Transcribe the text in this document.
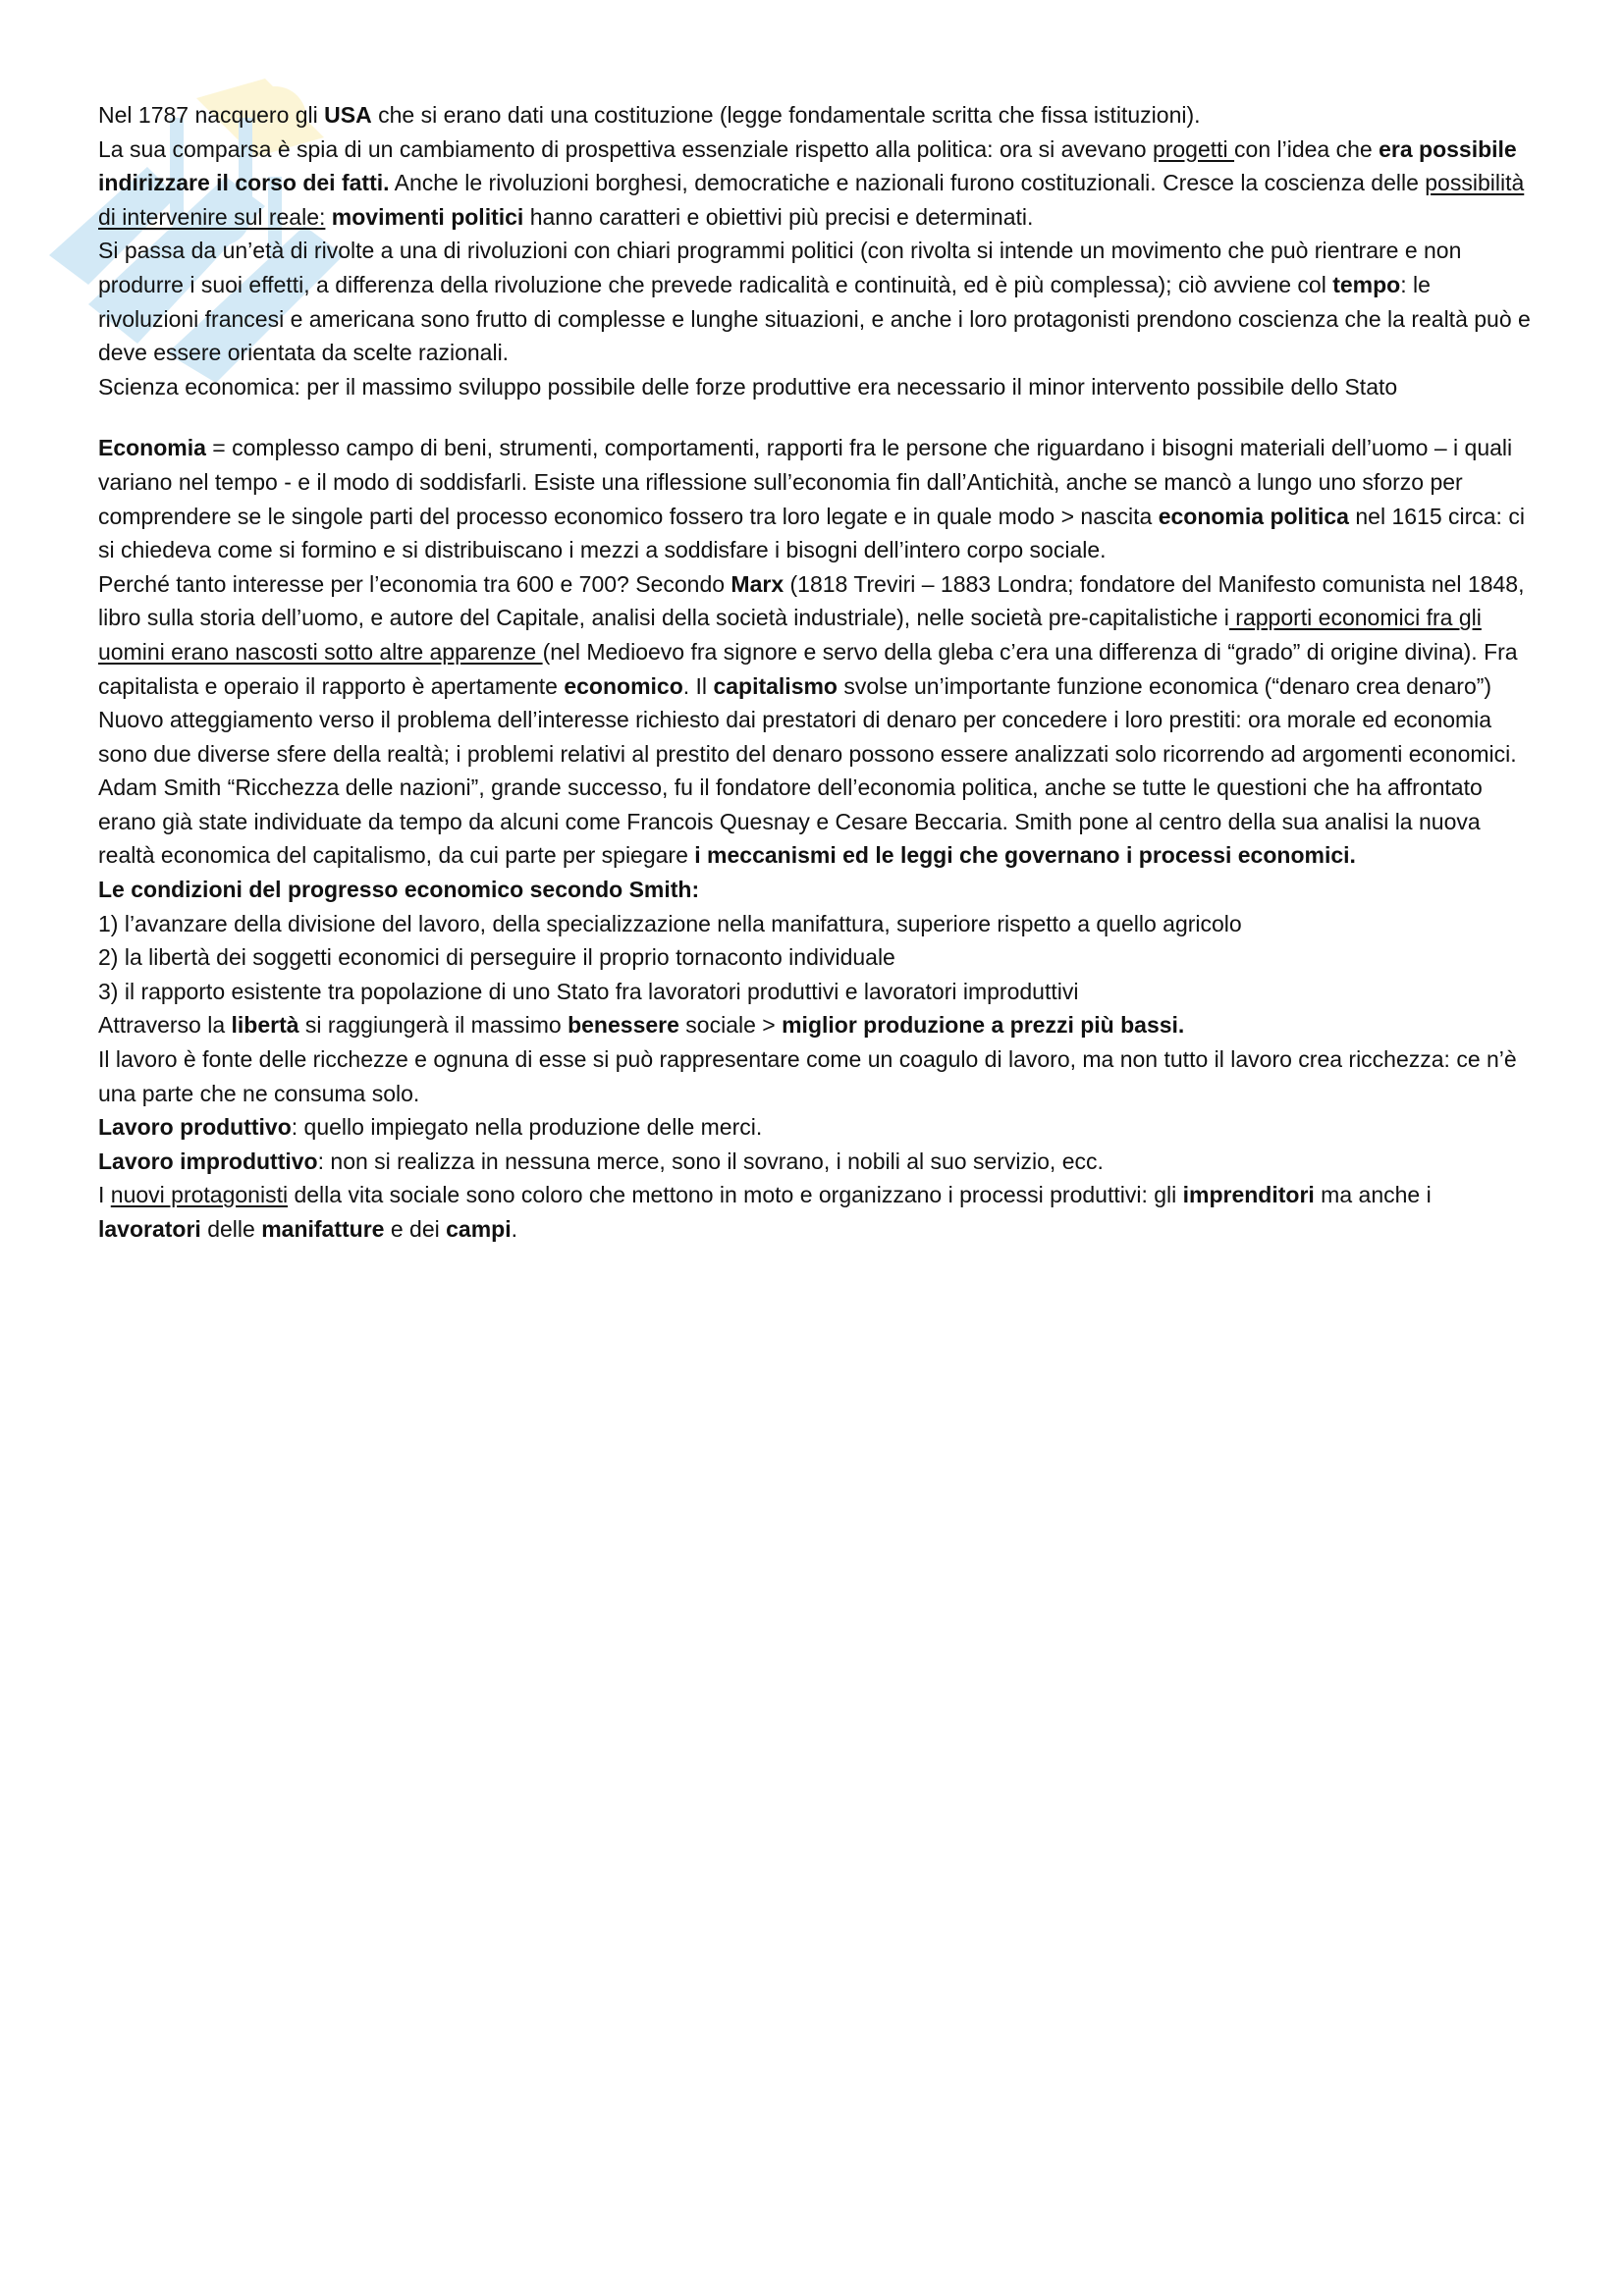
Nel 1787 nacquero gli USA che si erano dati una costituzione (legge fondamentale scritta che fissa istituzioni).

La sua comparsa è spia di un cambiamento di prospettiva essenziale rispetto alla politica: ora si avevano progetti con l’idea che era possibile indirizzare il corso dei fatti. Anche le rivoluzioni borghesi, democratiche e nazionali furono costituzionali. Cresce la coscienza delle possibilità di intervenire sul reale: movimenti politici hanno caratteri e obiettivi più precisi e determinati.

Si passa da un’età di rivolte a una di rivoluzioni con chiari programmi politici (con rivolta si intende un movimento che può rientrare e non produrre i suoi effetti, a differenza della rivoluzione che prevede radicalità e continuità, ed è più complessa); ciò avviene col tempo: le rivoluzioni francesi e americana sono frutto di complesse e lunghe situazioni, e anche i loro protagonisti prendono coscienza che la realtà può e deve essere orientata da scelte razionali.

Scienza economica: per il massimo sviluppo possibile delle forze produttive era necessario il minor intervento possibile dello Stato

Economia = complesso campo di beni, strumenti, comportamenti, rapporti fra le persone che riguardano i bisogni materiali dell’uomo – i quali variano nel tempo - e il modo di soddisfarli. Esiste una riflessione sull’economia fin dall’Antichità, anche se mancò a lungo uno sforzo per comprendere se le singole parti del processo economico fossero tra loro legate e in quale modo > nascita economia politica nel 1615 circa: ci si chiedeva come si formino e si distribuiscano i mezzi a soddisfare i bisogni dell’intero corpo sociale.

Perché tanto interesse per l’economia tra 600 e 700? Secondo Marx (1818 Treviri – 1883 Londra; fondatore del Manifesto comunista nel 1848, libro sulla storia dell’uomo, e autore del Capitale, analisi della società industriale), nelle società pre-capitalistiche i rapporti economici fra gli uomini erano nascosti sotto altre apparenze (nel Medioevo fra signore e servo della gleba c’era una differenza di “grado” di origine divina). Fra capitalista e operaio il rapporto è apertamente economico. Il capitalismo svolse un’importante funzione economica (“denaro crea denaro”)

Nuovo atteggiamento verso il problema dell’interesse richiesto dai prestatori di denaro per concedere i loro prestiti: ora morale ed economia sono due diverse sfere della realtà; i problemi relativi al prestito del denaro possono essere analizzati solo ricorrendo ad argomenti economici.

Adam Smith “Ricchezza delle nazioni”, grande successo, fu il fondatore dell’economia politica, anche se tutte le questioni che ha affrontato erano già state individuate da tempo da alcuni come Francois Quesnay e Cesare Beccaria. Smith pone al centro della sua analisi la nuova realtà economica del capitalismo, da cui parte per spiegare i meccanismi ed le leggi che governano i processi economici.

Le condizioni del progresso economico secondo Smith:

1) l’avanzare della divisione del lavoro, della specializzazione nella manifattura, superiore rispetto a quello agricolo

2) la libertà dei soggetti economici di perseguire il proprio tornaconto individuale

3) il rapporto esistente tra popolazione di uno Stato fra lavoratori produttivi e lavoratori improduttivi

Attraverso la libertà si raggiungerà il massimo benessere sociale > miglior produzione a prezzi più bassi.

Il lavoro è fonte delle ricchezze e ognuna di esse si può rappresentare come un coagulo di lavoro, ma non tutto il lavoro crea ricchezza: ce n’è una parte che ne consuma solo.

Lavoro produttivo: quello impiegato nella produzione delle merci.

Lavoro improduttivo: non si realizza in nessuna merce, sono il sovrano, i nobili al suo servizio, ecc.

I nuovi protagonisti della vita sociale sono coloro che mettono in moto e organizzano i processi produttivi: gli imprenditori ma anche i lavoratori delle manifatture e dei campi.
